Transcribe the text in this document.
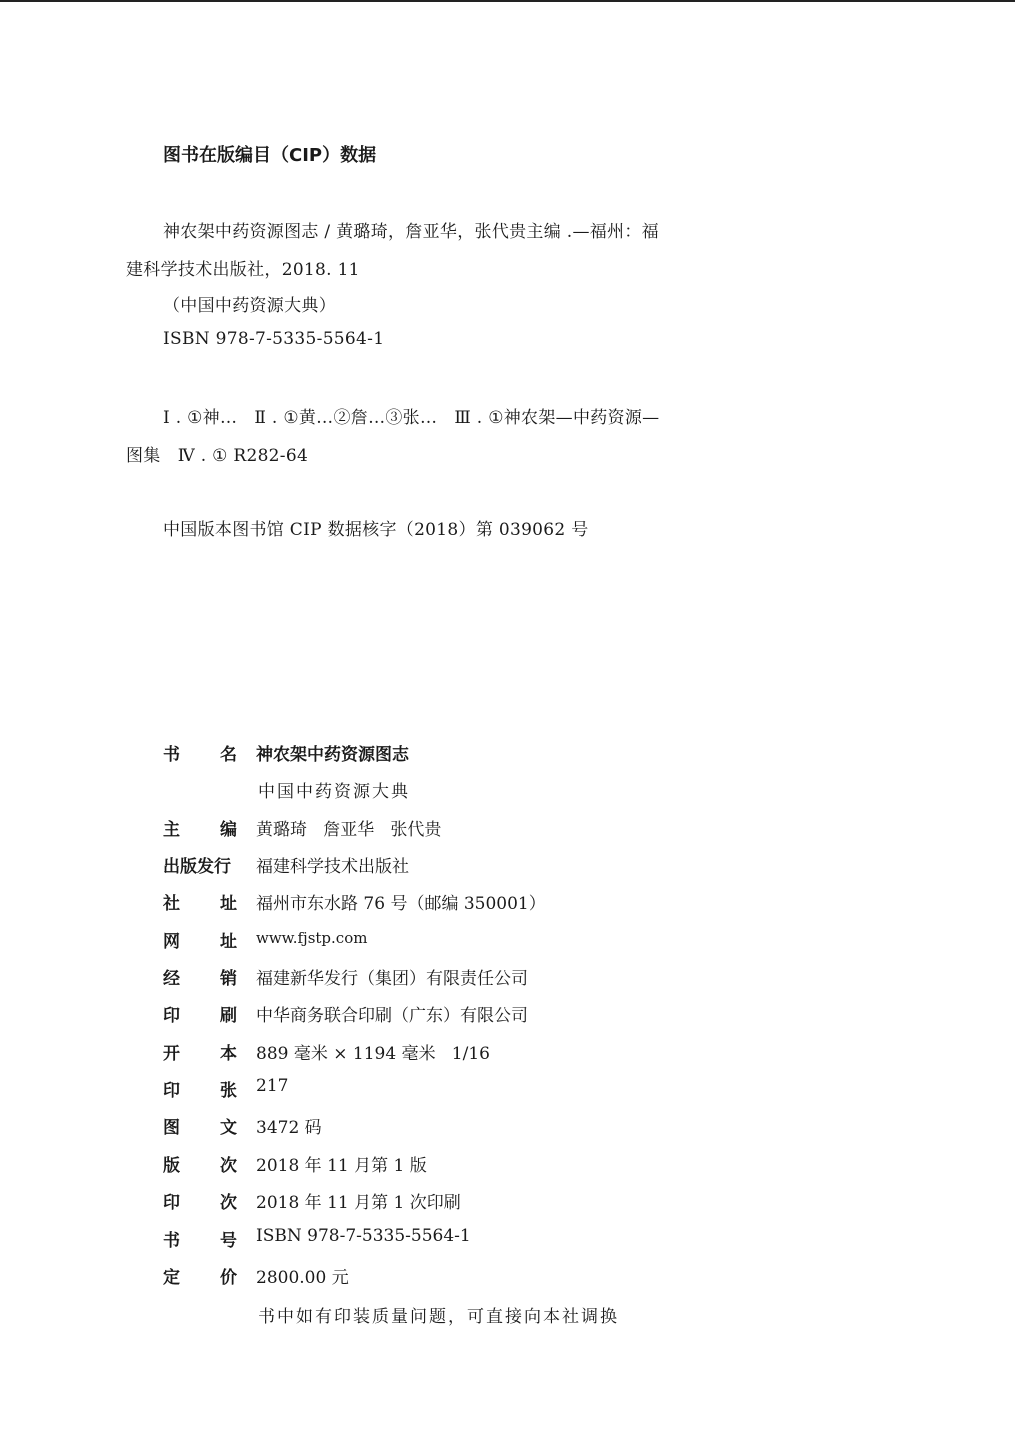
图书在版编目（CIP）数据
神农架中药资源图志 / 黄璐琦，詹亚华，张代贵主编 .—福州：福
建科学技术出版社，2018. 11
（中国中药资源大典）
ISBN 978-7-5335-5564-1
Ⅰ . ①神…   Ⅱ . ①黄…②詹…③张…   Ⅲ . ①神农架—中药资源—
图集   Ⅳ . ① R282-64
中国版本图书馆 CIP 数据核字（2018）第 039062 号
书 名 神农架中药资源图志
中国中药资源大典
主 编 黄璐琦   詹亚华   张代贵
出版发行	福建科学技术出版社
社 址 福州市东水路 76 号（邮编 350001）
网 址 www.fjstp.com
经 销 福建新华发行（集团）有限责任公司
印 刷 中华商务联合印刷（广东）有限公司
开 本 889 毫米 × 1194 毫米   1/16
印 张 217
图 文 3472 码
版 次 2018 年 11 月第 1 版
印 次 2018 年 11 月第 1 次印刷
书 号 ISBN 978-7-5335-5564-1
定 价 2800.00 元
书中如有印装质量问题，可直接向本社调换
